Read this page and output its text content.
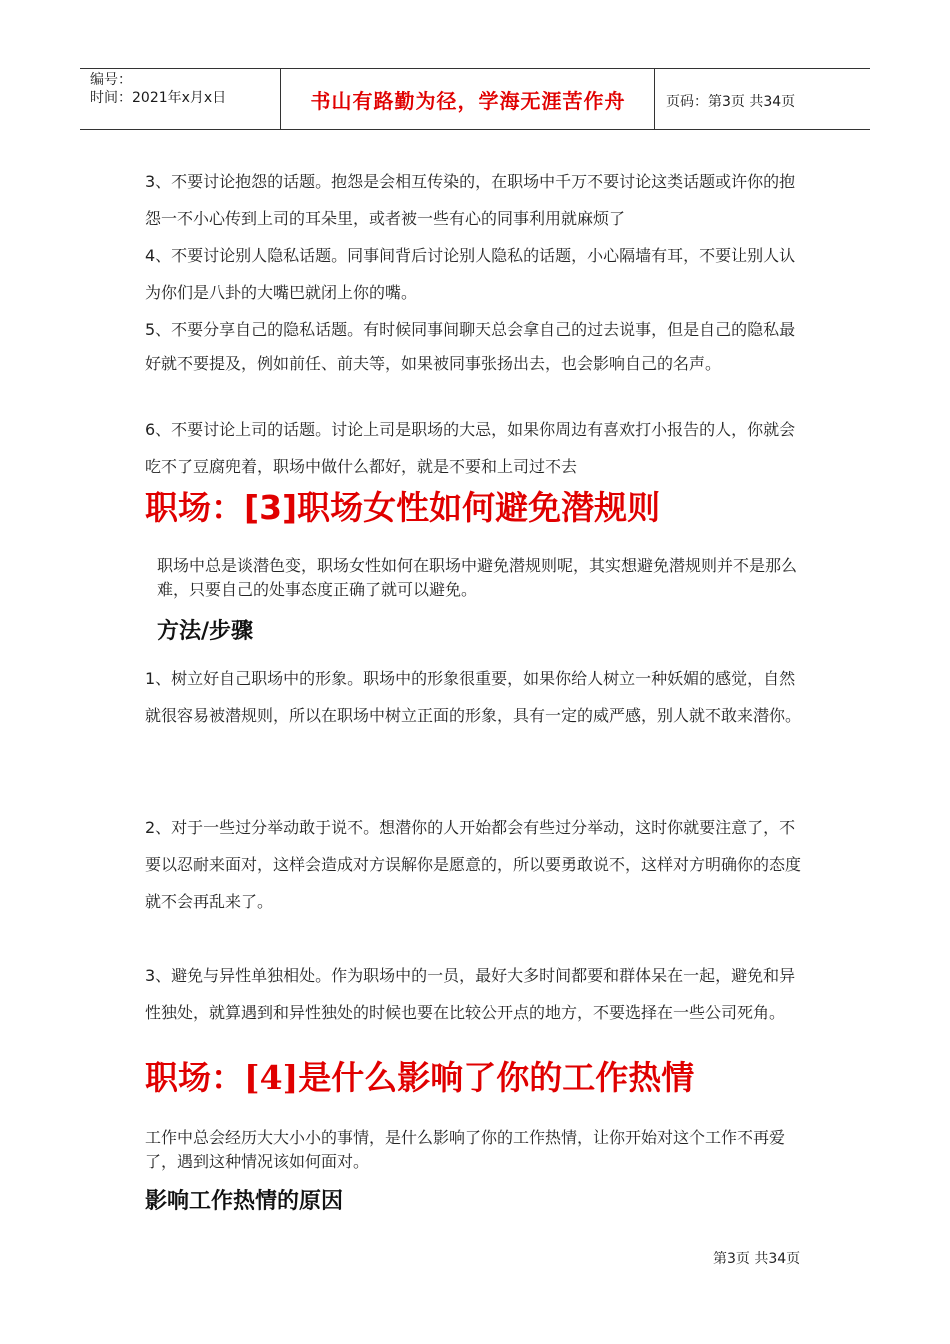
编号：
时间：2021年x月x日	书山有路勤为径，学海无涯苦作舟	页码：第3页 共34页
3、不要讨论抱怨的话题。抱怨是会相互传染的，在职场中千万不要讨论这类话题或许你的抱怨一不小心传到上司的耳朵里，或者被一些有心的同事利用就麻烦了
4、不要讨论别人隐私话题。同事间背后讨论别人隐私的话题，小心隔墙有耳，不要让别人认为你们是八卦的大嘴巴就闭上你的嘴。
5、不要分享自己的隐私话题。有时候同事间聊天总会拿自己的过去说事，但是自己的隐私最好就不要提及，例如前任、前夫等，如果被同事张扬出去，也会影响自己的名声。
6、不要讨论上司的话题。讨论上司是职场的大忌，如果你周边有喜欢打小报告的人，你就会吃不了豆腐兜着，职场中做什么都好，就是不要和上司过不去
职场：[3]职场女性如何避免潜规则
职场中总是谈潜色变，职场女性如何在职场中避免潜规则呢，其实想避免潜规则并不是那么难，只要自己的处事态度正确了就可以避免。
方法/步骤
1、树立好自己职场中的形象。职场中的形象很重要，如果你给人树立一种妖媚的感觉，自然就很容易被潜规则，所以在职场中树立正面的形象，具有一定的威严感，别人就不敢来潜你。
2、对于一些过分举动敢于说不。想潜你的人开始都会有些过分举动，这时你就要注意了，不要以忍耐来面对，这样会造成对方误解你是愿意的，所以要勇敢说不，这样对方明确你的态度就不会再乱来了。
3、避免与异性单独相处。作为职场中的一员，最好大多时间都要和群体呆在一起，避免和异性独处，就算遇到和异性独处的时候也要在比较公开点的地方，不要选择在一些公司死角。
职场：[4]是什么影响了你的工作热情
工作中总会经历大大小小的事情，是什么影响了你的工作热情，让你开始对这个工作不再爱了，遇到这种情况该如何面对。
影响工作热情的原因
第3页 共34页
